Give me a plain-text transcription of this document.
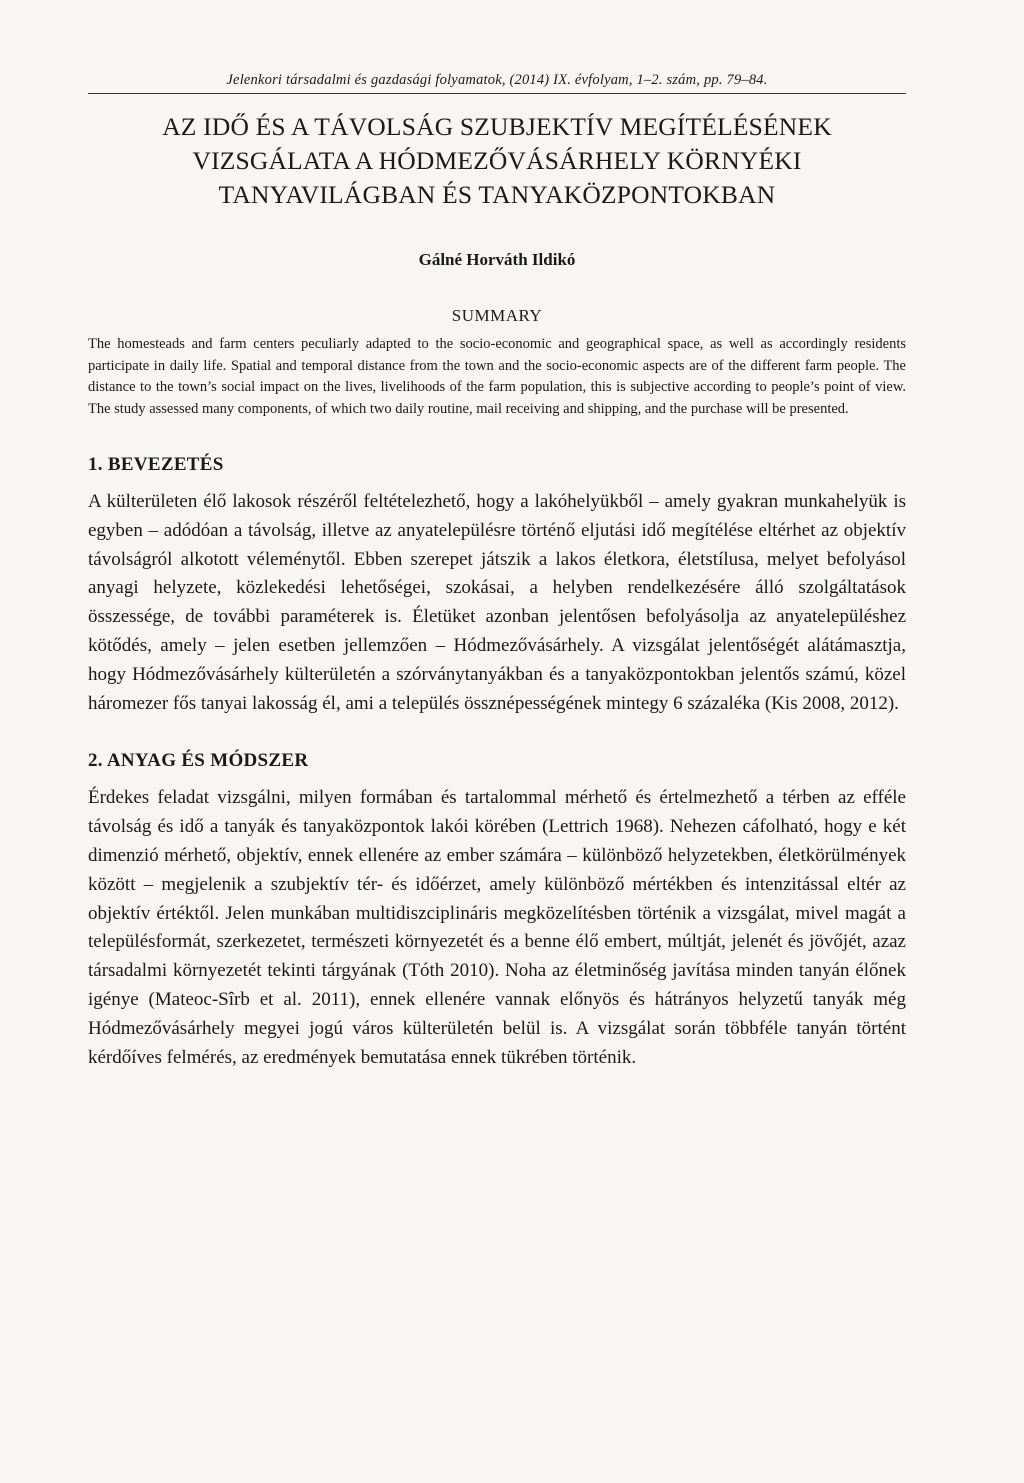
Jelenkori társadalmi és gazdasági folyamatok, (2014) IX. évfolyam, 1–2. szám, pp. 79–84.
AZ IDŐ ÉS A TÁVOLSÁG SZUBJEKTÍV MEGÍTÉLÉSÉNEK
VIZSGÁLATA A HÓDMEZŐVÁSÁRHELY KÖRNYÉKI
TANYAVILÁGBAN ÉS TANYAKÖZPONTOKBAN
Gálné Horváth Ildikó
SUMMARY
The homesteads and farm centers peculiarly adapted to the socio-economic and geographical space, as well as accordingly residents participate in daily life. Spatial and temporal distance from the town and the socio-economic aspects are of the different farm people. The distance to the town’s social impact on the lives, livelihoods of the farm population, this is subjective according to people’s point of view. The study assessed many components, of which two daily routine, mail receiving and shipping, and the purchase will be presented.
1. BEVEZETÉS
A külterületen élő lakosok részéről feltételezhető, hogy a lakóhelyükből – amely gyakran munkahelyük is egyben – adódóan a távolság, illetve az anyatelepülésre történő eljutási idő megítélése eltérhet az objektív távolságról alkotott véleménytől. Ebben szerepet játszik a lakos életkora, életstílusa, melyet befolyásol anyagi helyzete, közlekedési lehetőségei, szokásai, a helyben rendelkezésére álló szolgáltatások összessége, de további paraméterek is. Életüket azonban jelentősen befolyásolja az anyatelepüléshez kötődés, amely – jelen esetben jellemzően – Hódmezővásárhely. A vizsgálat jelentőségét alátámasztja, hogy Hódmezővásárhely külterületén a szórványtanyákban és a tanyaközpontokban jelentős számú, közel háromezer fős tanyai lakosság él, ami a település össznépességének mintegy 6 százaléka (Kis 2008, 2012).
2. ANYAG ÉS MÓDSZER
Érdekes feladat vizsgálni, milyen formában és tartalommal mérhető és értelmezhető a térben az efféle távolság és idő a tanyák és tanyaközpontok lakói körében (Lettrich 1968). Nehezen cáfolható, hogy e két dimenzió mérhető, objektív, ennek ellenére az ember számára – különböző helyzetekben, életkörülmények között – megjelenik a szubjektív tér- és időérzet, amely különböző mértékben és intenzitással eltér az objektív értéktől. Jelen munkában multidiszciplináris megközelítésben történik a vizsgálat, mivel magát a településformát, szerkezetet, természeti környezetét és a benne élő embert, múltját, jelenét és jövőjét, azaz társadalmi környezetét tekinti tárgyának (Tóth 2010). Noha az életminőség javítása minden tanyán élőnek igénye (Mateoc-Sîrb et al. 2011), ennek ellenére vannak előnyös és hátrányos helyzetű tanyák még Hódmezővásárhely megyei jogú város külterületén belül is. A vizsgálat során többféle tanyán történt kérdőíves felmérés, az eredmények bemutatása ennek tükrében történik.
